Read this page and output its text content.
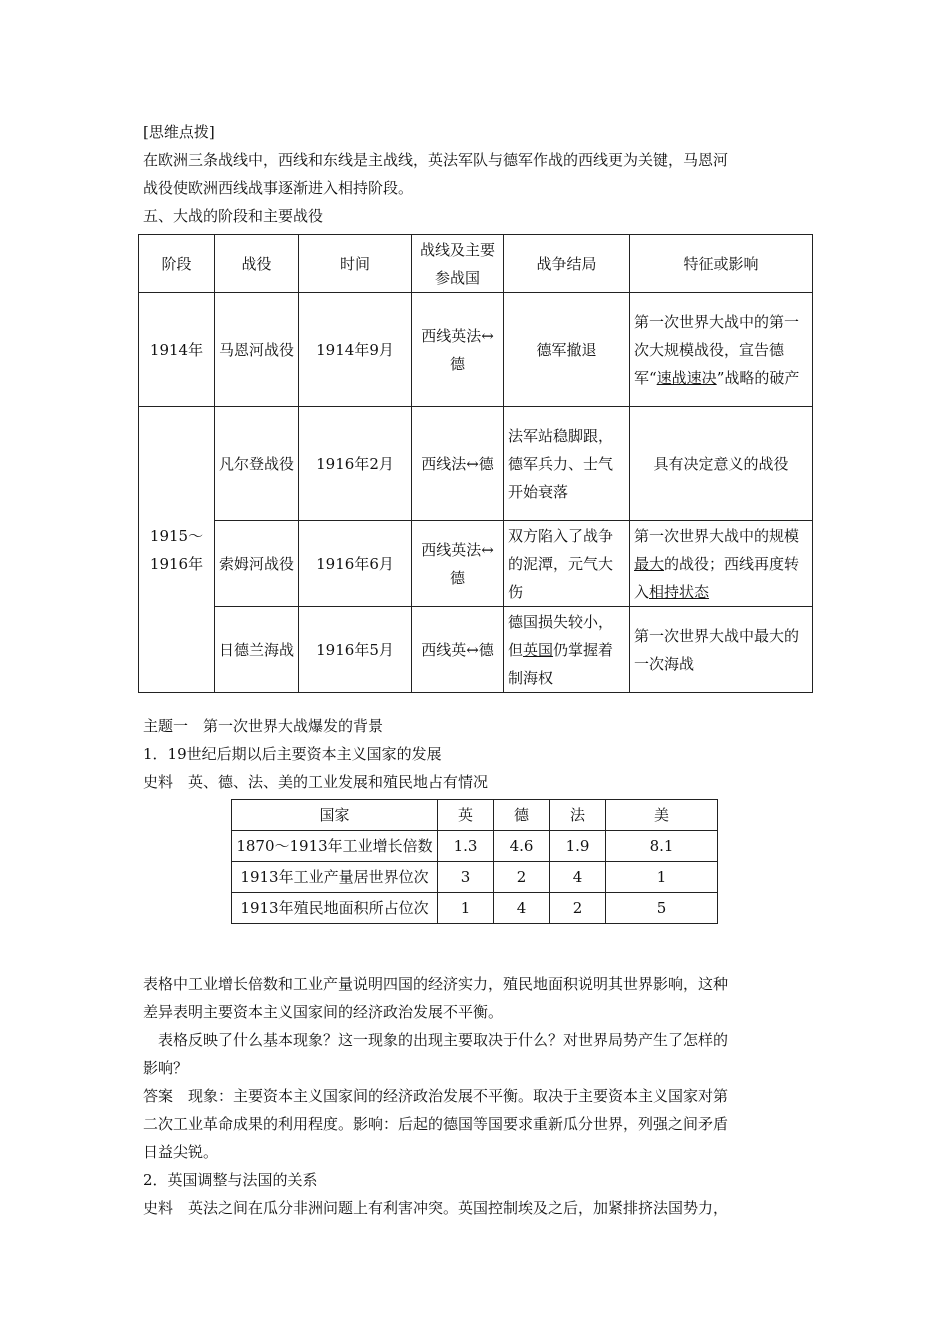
[思维点拨]
在欧洲三条战线中，西线和东线是主战线，英法军队与德军作战的西线更为关键，马恩河
战役使欧洲西线战事逐渐进入相持阶段。
五、大战的阶段和主要战役
阶段	战役	时间	战线及主要参战国	战争结局	特征或影响
1914年	马恩河战役	1914年9月	西线英法↔德	德军撤退	第一次世界大战中的第一次大规模战役，宣告德军“速战速决”战略的破产
1915～1916年	凡尔登战役	1916年2月	西线法↔德	法军站稳脚跟，德军兵力、士气开始衰落	具有决定意义的战役
	索姆河战役	1916年6月	西线英法↔德	双方陷入了战争的泥潭，元气大伤	第一次世界大战中的规模最大的战役；西线再度转入相持状态
	日德兰海战	1916年5月	西线英↔德	德国损失较小，但英国仍掌握着制海权	第一次世界大战中最大的一次海战
主题一　第一次世界大战爆发的背景
1．19世纪后期以后主要资本主义国家的发展
史料　英、德、法、美的工业发展和殖民地占有情况
国家	英	德	法	美
1870～1913年工业增长倍数	1.3	4.6	1.9	8.1
1913年工业产量居世界位次	3	2	4	1
1913年殖民地面积所占位次	1	4	2	5
表格中工业增长倍数和工业产量说明四国的经济实力，殖民地面积说明其世界影响，这种
差异表明主要资本主义国家间的经济政治发展不平衡。
表格反映了什么基本现象？这一现象的出现主要取决于什么？对世界局势产生了怎样的
影响？
答案　现象：主要资本主义国家间的经济政治发展不平衡。取决于主要资本主义国家对第
二次工业革命成果的利用程度。影响：后起的德国等国要求重新瓜分世界，列强之间矛盾
日益尖锐。
2．英国调整与法国的关系
史料　英法之间在瓜分非洲问题上有利害冲突。英国控制埃及之后，加紧排挤法国势力，
